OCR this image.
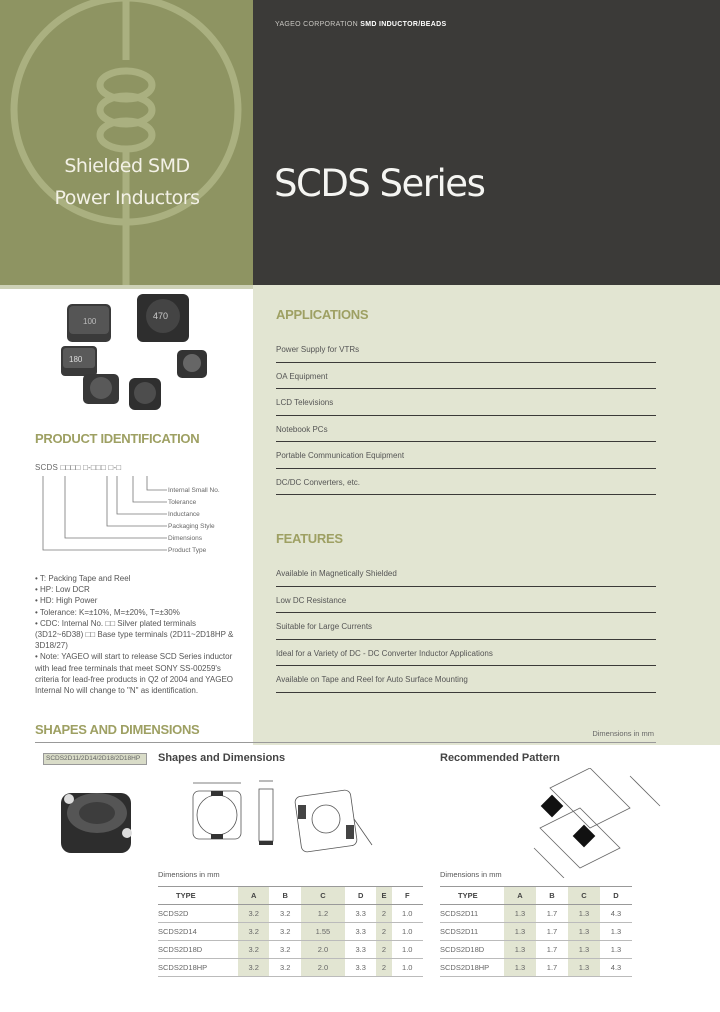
Shielded SMD
Power Inductors
YAGEO CORPORATION SMD INDUCTOR/BEADS
SCDS Series
100
470
180
APPLICATIONS
Power Supply for VTRs
OA Equipment
LCD Televisions
Notebook PCs
Portable Communication Equipment
DC/DC Converters, etc.
FEATURES
Available in Magnetically Shielded
Low DC Resistance
Suitable for Large Currents
Ideal for a Variety of DC - DC Converter Inductor Applications
Available on Tape and Reel for Auto Surface Mounting
PRODUCT IDENTIFICATION
SCDS □□□□ □-□□□ □-□
Internal Small No.
Tolerance
Inductance
Packaging Style
Dimensions
Product Type
• T: Packing Tape and Reel
• HP: Low DCR
• HD: High Power
• Tolerance: K=±10%, M=±20%, T=±30%
• CDC: Internal No. □□ Silver plated terminals (3D12~6D38) □□ Base type terminals (2D11~2D18HP & 3D18/27)
• Note: YAGEO will start to release SCD Series inductor with lead free terminals that meet SONY SS-00259's criteria for lead-free products in Q2 of 2004 and YAGEO Internal No will change to "N" as identification.
SHAPES AND DIMENSIONS	Dimensions in mm
SCDS2D11/2D14/2D18/2D18HP	Shapes and Dimensions	Recommended Pattern
Dimensions in mm
TYPE	A	B	C	D	E	F
SCDS2D	3.2	3.2	1.2	3.3	2	1.0
SCDS2D14	3.2	3.2	1.55	3.3	2	1.0
SCDS2D18D	3.2	3.2	2.0	3.3	2	1.0
SCDS2D18HP	3.2	3.2	2.0	3.3	2	1.0
Dimensions in mm
TYPE	A	B	C	D
SCDS2D11	1.3	1.7	1.3	4.3
SCDS2D11	1.3	1.7	1.3	1.3
SCDS2D18D	1.3	1.7	1.3	1.3
SCDS2D18HP	1.3	1.7	1.3	4.3
